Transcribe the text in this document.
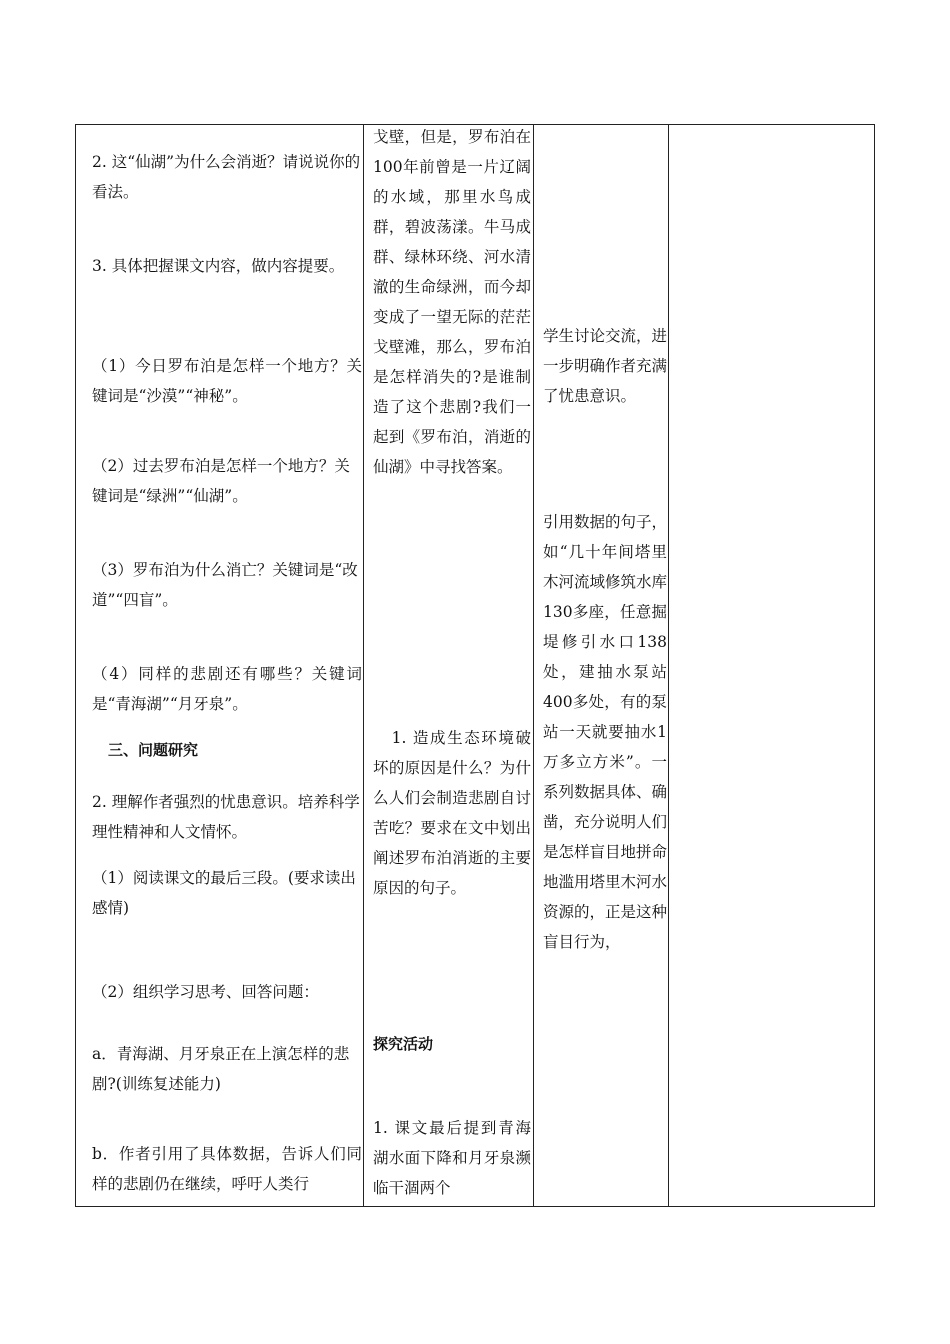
2. 这“仙湖”为什么会消逝？请说说你的看法。

3. 具体把握课文内容，做内容提要。

（1）今日罗布泊是怎样一个地方？关键词是“沙漠”“神秘”。

（2）过去罗布泊是怎样一个地方？关键词是“绿洲”“仙湖”。

（3）罗布泊为什么消亡？关键词是“改道”“四盲”。

（4）同样的悲剧还有哪些？关键词是“青海湖”“月牙泉”。

三、问题研究

2. 理解作者强烈的忧患意识。培养科学理性精神和人文情怀。

（1）阅读课文的最后三段。(要求读出感情)

（2）组织学习思考、回答问题：

a．青海湖、月牙泉正在上演怎样的悲剧?(训练复述能力)

b．作者引用了具体数据，告诉人们同样的悲剧仍在继续，呼吁人类行

戈壁，但是，罗布泊在100年前曾是一片辽阔的水域，那里水鸟成群，碧波荡漾。牛马成群、绿林环绕、河水清澈的生命绿洲，而今却变成了一望无际的茫茫戈壁滩，那么，罗布泊是怎样消失的?是谁制造了这个悲剧?我们一起到《罗布泊，消逝的仙湖》中寻找答案。

1. 造成生态环境破坏的原因是什么？为什么人们会制造悲剧自讨苦吃？要求在文中划出阐述罗布泊消逝的主要原因的句子。

探究活动

1. 课文最后提到青海湖水面下降和月牙泉濒临干涸两个

学生讨论交流，进一步明确作者充满了忧患意识。

引用数据的句子，如“几十年间塔里木河流域修筑水库130多座，任意掘堤修引水口138处，建抽水泵站400多处，有的泵站一天就要抽水1万多立方米”。一系列数据具体、确凿，充分说明人们是怎样盲目地拼命地滥用塔里木河水资源的，正是这种盲目行为，
